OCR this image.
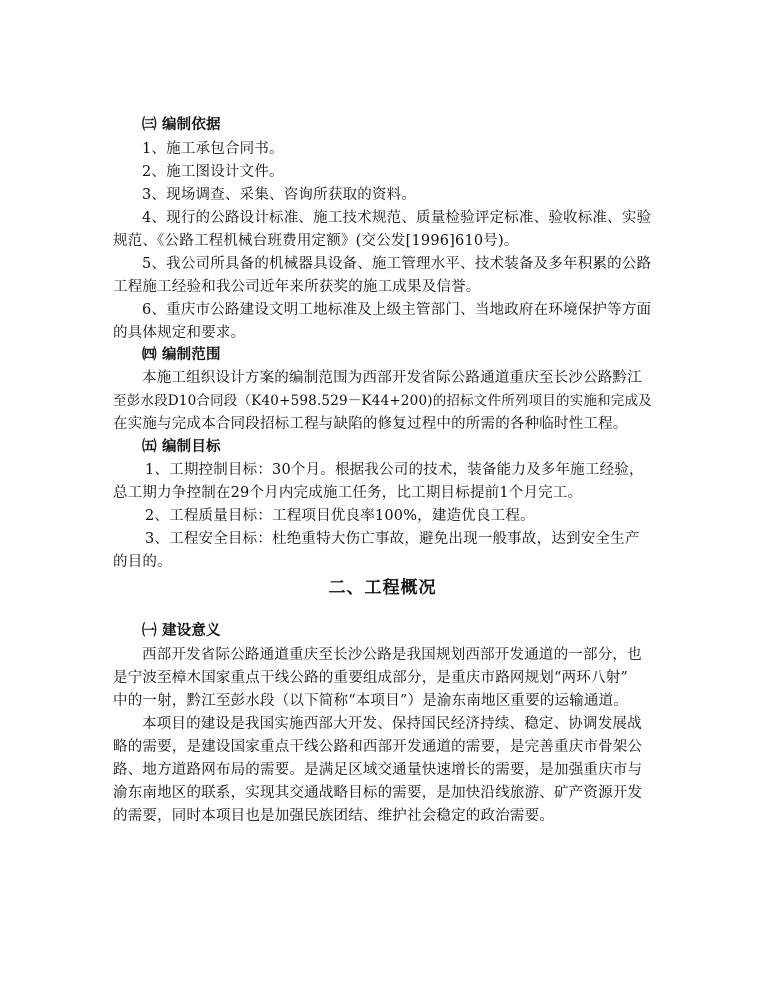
㈢ 编制依据
1、施工承包合同书。
2、施工图设计文件。
3、现场调查、采集、咨询所获取的资料。
4、现行的公路设计标准、施工技术规范、质量检验评定标准、验收标准、实验
规范、《公路工程机械台班费用定额》(交公发[1996]610号)。
5、我公司所具备的机械器具设备、施工管理水平、技术装备及多年积累的公路
工程施工经验和我公司近年来所获奖的施工成果及信誉。
6、重庆市公路建设文明工地标准及上级主管部门、当地政府在环境保护等方面
的具体规定和要求。
㈣ 编制范围
本施工组织设计方案的编制范围为西部开发省际公路通道重庆至长沙公路黔江
至彭水段D10合同段（K40+598.529－K44+200)的招标文件所列项目的实施和完成及
在实施与完成本合同段招标工程与缺陷的修复过程中的所需的各种临时性工程。
㈤ 编制目标
1、工期控制目标：30个月。根据我公司的技术，装备能力及多年施工经验，
总工期力争控制在29个月内完成施工任务，比工期目标提前1个月完工。
2、工程质量目标：工程项目优良率100%，建造优良工程。
3、工程安全目标：杜绝重特大伤亡事故，避免出现一般事故，达到安全生产
的目的。
二、工程概况
㈠ 建设意义
西部开发省际公路通道重庆至长沙公路是我国规划西部开发通道的一部分，也
是宁波至樟木国家重点干线公路的重要组成部分，是重庆市路网规划“两环八射”
中的一射，黔江至彭水段（以下简称“本项目”）是渝东南地区重要的运输通道。
本项目的建设是我国实施西部大开发、保持国民经济持续、稳定、协调发展战
略的需要，是建设国家重点干线公路和西部开发通道的需要，是完善重庆市骨架公
路、地方道路网布局的需要。是满足区域交通量快速增长的需要，是加强重庆市与
渝东南地区的联系，实现其交通战略目标的需要，是加快沿线旅游、矿产资源开发
的需要，同时本项目也是加强民族团结、维护社会稳定的政治需要。
